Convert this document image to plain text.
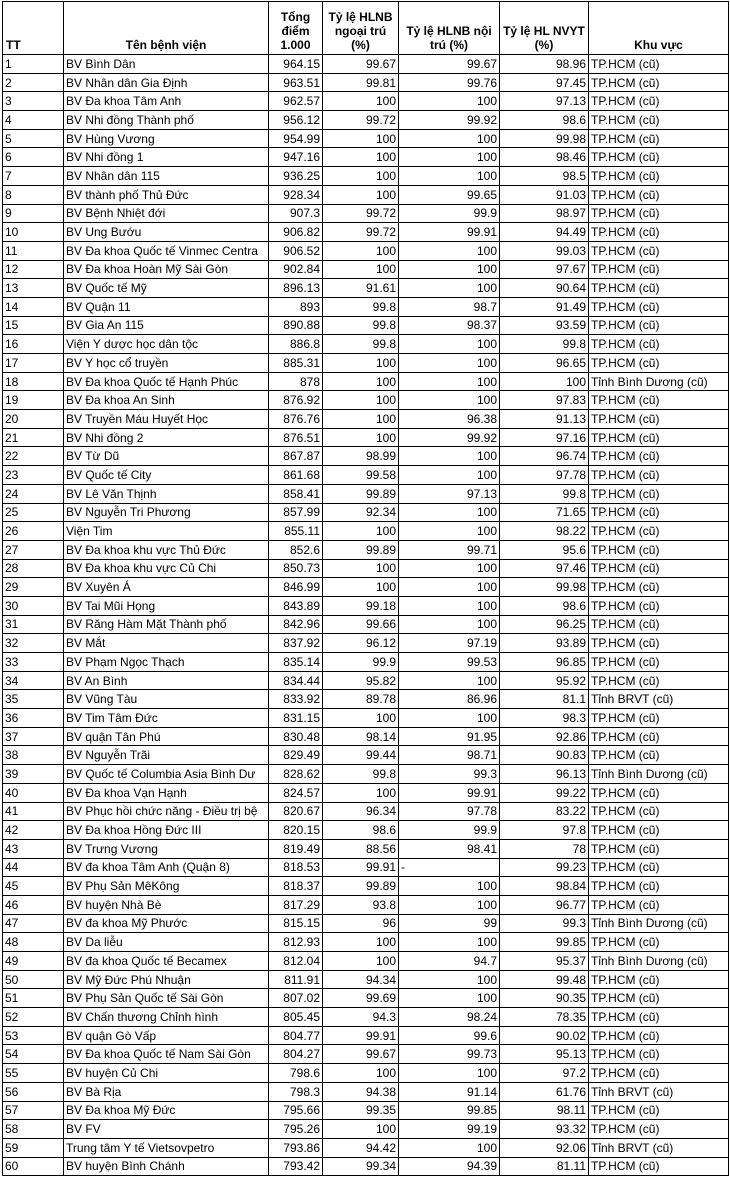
TT	Tên bệnh viện	Tổng điểm 1.000	Tỷ lệ HLNB ngoại trú (%)	Tỷ lệ HLNB nội trú (%)	Tỷ lệ HL NVYT (%)	Khu vực
1	BV Bình Dân	964.15	99.67	99.67	98.96	TP.HCM (cũ)
2	BV Nhân dân Gia Định	963.51	99.81	99.76	97.45	TP.HCM (cũ)
3	BV Đa khoa Tâm Anh	962.57	100	100	97.13	TP.HCM (cũ)
4	BV Nhi đồng Thành phố	956.12	99.72	99.92	98.6	TP.HCM (cũ)
5	BV Hùng Vương	954.99	100	100	99.98	TP.HCM (cũ)
6	BV Nhi đồng 1	947.16	100	100	98.46	TP.HCM (cũ)
7	BV Nhân dân 115	936.25	100	100	98.5	TP.HCM (cũ)
8	BV thành phố Thủ Đức	928.34	100	99.65	91.03	TP.HCM (cũ)
9	BV Bệnh Nhiệt đới	907.3	99.72	99.9	98.97	TP.HCM (cũ)
10	BV Ung Bướu	906.82	99.72	99.91	94.49	TP.HCM (cũ)
11	BV Đa khoa Quốc tế Vinmec Centra	906.52	100	100	99.03	TP.HCM (cũ)
12	BV Đa khoa Hoàn Mỹ Sài Gòn	902.84	100	100	97.67	TP.HCM (cũ)
13	BV Quốc tế Mỹ	896.13	91.61	100	90.64	TP.HCM (cũ)
14	BV Quận 11	893	99.8	98.7	91.49	TP.HCM (cũ)
15	BV Gia An 115	890.88	99.8	98.37	93.59	TP.HCM (cũ)
16	Viện Y dược học dân tộc	886.8	99.8	100	99.8	TP.HCM (cũ)
17	BV Y học cổ truyền	885.31	100	100	96.65	TP.HCM (cũ)
18	BV Đa khoa Quốc tế Hạnh Phúc	878	100	100	100	Tỉnh Bình Dương (cũ)
19	BV Đa khoa An Sinh	876.92	100	100	97.83	TP.HCM (cũ)
20	BV Truyền Máu Huyết Học	876.76	100	96.38	91.13	TP.HCM (cũ)
21	BV Nhi đồng 2	876.51	100	99.92	97.16	TP.HCM (cũ)
22	BV Từ Dũ	867.87	98.99	100	96.74	TP.HCM (cũ)
23	BV Quốc tế City	861.68	99.58	100	97.78	TP.HCM (cũ)
24	BV Lê Văn Thịnh	858.41	99.89	97.13	99.8	TP.HCM (cũ)
25	BV Nguyễn Tri Phương	857.99	92.34	100	71.65	TP.HCM (cũ)
26	Viện Tim	855.11	100	100	98.22	TP.HCM (cũ)
27	BV Đa khoa khu vực Thủ Đức	852.6	99.89	99.71	95.6	TP.HCM (cũ)
28	BV Đa khoa khu vực Củ Chi	850.73	100	100	97.46	TP.HCM (cũ)
29	BV Xuyên Á	846.99	100	100	99.98	TP.HCM (cũ)
30	BV Tai Mũi Họng	843.89	99.18	100	98.6	TP.HCM (cũ)
31	BV Răng Hàm Mặt Thành phố	842.96	99.66	100	96.25	TP.HCM (cũ)
32	BV Mắt	837.92	96.12	97.19	93.89	TP.HCM (cũ)
33	BV Phạm Ngọc Thạch	835.14	99.9	99.53	96.85	TP.HCM (cũ)
34	BV An Bình	834.44	95.82	100	95.92	TP.HCM (cũ)
35	BV Vũng Tàu	833.92	89.78	86.96	81.1	Tỉnh BRVT (cũ)
36	BV Tim Tâm Đức	831.15	100	100	98.3	TP.HCM (cũ)
37	BV quận Tân Phú	830.48	98.14	91.95	92.86	TP.HCM (cũ)
38	BV Nguyễn Trãi	829.49	99.44	98.71	90.83	TP.HCM (cũ)
39	BV Quốc tế Columbia Asia Bình Dư	828.62	99.8	99.3	96.13	Tỉnh Bình Dương (cũ)
40	BV Đa khoa Vạn Hạnh	824.57	100	99.91	99.22	TP.HCM (cũ)
41	BV Phục hồi chức năng - Điều trị bệ	820.67	96.34	97.78	83.22	TP.HCM (cũ)
42	BV Đa khoa Hồng Đức III	820.15	98.6	99.9	97.8	TP.HCM (cũ)
43	BV Trưng Vương	819.49	88.56	98.41	78	TP.HCM (cũ)
44	BV đa khoa Tâm Anh (Quận 8)	818.53	99.91	-	99.23	TP.HCM (cũ)
45	BV Phụ Sản MêKông	818.37	99.89	100	98.84	TP.HCM (cũ)
46	BV huyện Nhà Bè	817.29	93.8	100	96.77	TP.HCM (cũ)
47	BV đa khoa Mỹ Phước	815.15	96	99	99.3	Tỉnh Bình Dương (cũ)
48	BV Da liễu	812.93	100	100	99.85	TP.HCM (cũ)
49	BV đa khoa Quốc tế Becamex	812.04	100	94.7	95.37	Tỉnh Bình Dương (cũ)
50	BV Mỹ Đức Phú Nhuận	811.91	94.34	100	99.48	TP.HCM (cũ)
51	BV Phụ Sản Quốc tế Sài Gòn	807.02	99.69	100	90.35	TP.HCM (cũ)
52	BV Chấn thương Chỉnh hình	805.45	94.3	98.24	78.35	TP.HCM (cũ)
53	BV quận Gò Vấp	804.77	99.91	99.6	90.02	TP.HCM (cũ)
54	BV Đa khoa Quốc tế Nam Sài Gòn	804.27	99.67	99.73	95.13	TP.HCM (cũ)
55	BV huyện Củ Chi	798.6	100	100	97.2	TP.HCM (cũ)
56	BV Bà Rịa	798.3	94.38	91.14	61.76	Tỉnh BRVT (cũ)
57	BV Đa khoa Mỹ Đức	795.66	99.35	99.85	98.11	TP.HCM (cũ)
58	BV FV	795.26	100	99.19	93.32	TP.HCM (cũ)
59	Trung tâm Y tế Vietsovpetro	793.86	94.42	100	92.06	Tỉnh BRVT (cũ)
60	BV huyện Bình Chánh	793.42	99.34	94.39	81.11	TP.HCM (cũ)
